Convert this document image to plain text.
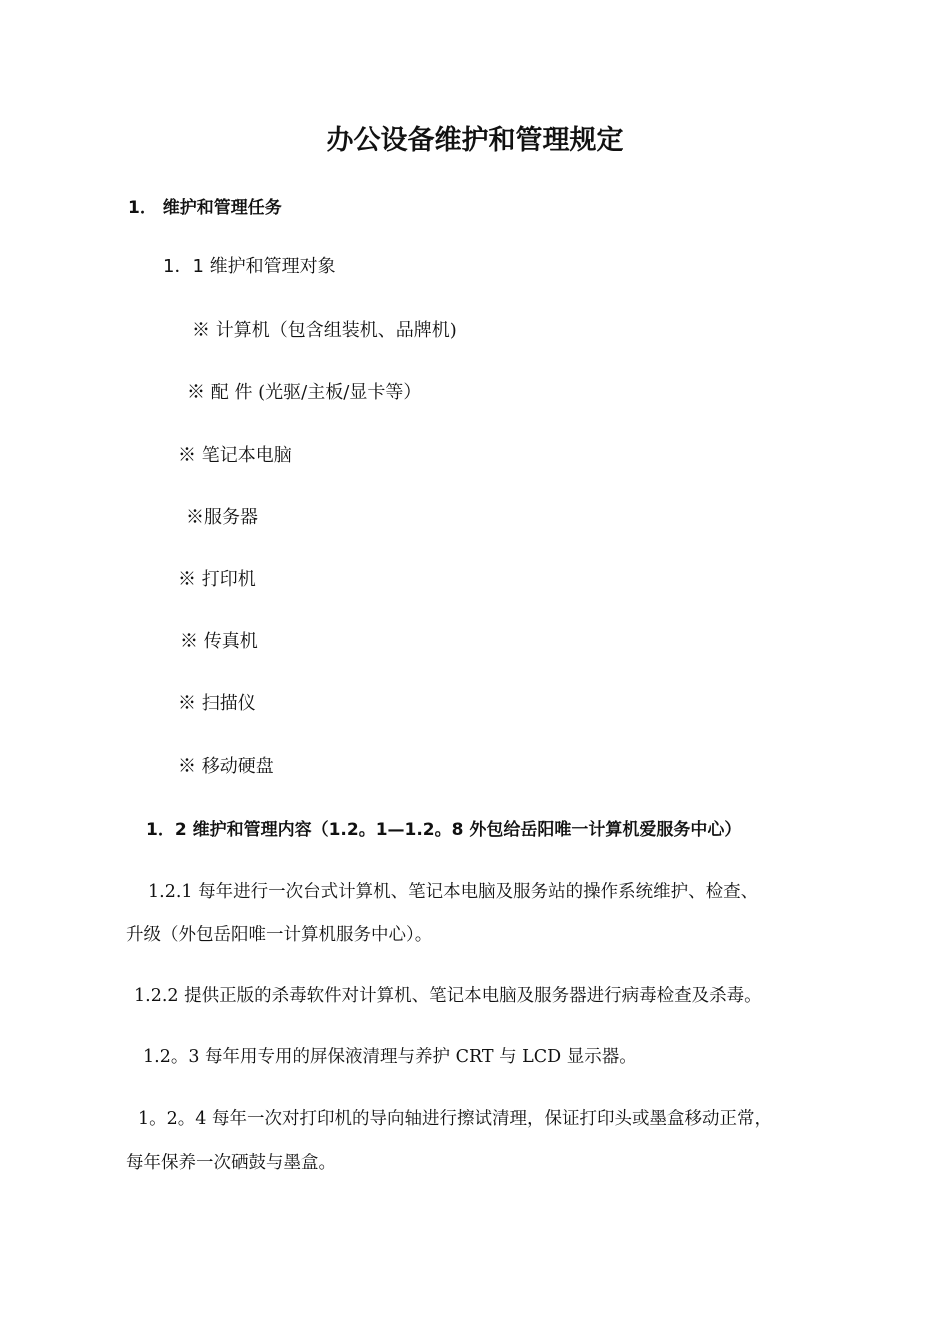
办公设备维护和管理规定
1． 维护和管理任务
1．1 维护和管理对象
※ 计算机（包含组装机、品牌机)
※ 配 件 (光驱/主板/显卡等）
※ 笔记本电脑
※服务器
※ 打印机
※ 传真机
※ 扫描仪
※ 移动硬盘
1．2 维护和管理内容（1.2。1—1.2。8 外包给岳阳唯一计算机爱服务中心）
1.2.1 每年进行一次台式计算机、笔记本电脑及服务站的操作系统维护、检查、
升级（外包岳阳唯一计算机服务中心）。
1.2.2 提供正版的杀毒软件对计算机、笔记本电脑及服务器进行病毒检查及杀毒。
1.2。3 每年用专用的屏保液清理与养护 CRT 与 LCD 显示器。
1。2。4 每年一次对打印机的导向轴进行擦试清理，保证打印头或墨盒移动正常，
每年保养一次硒鼓与墨盒。
